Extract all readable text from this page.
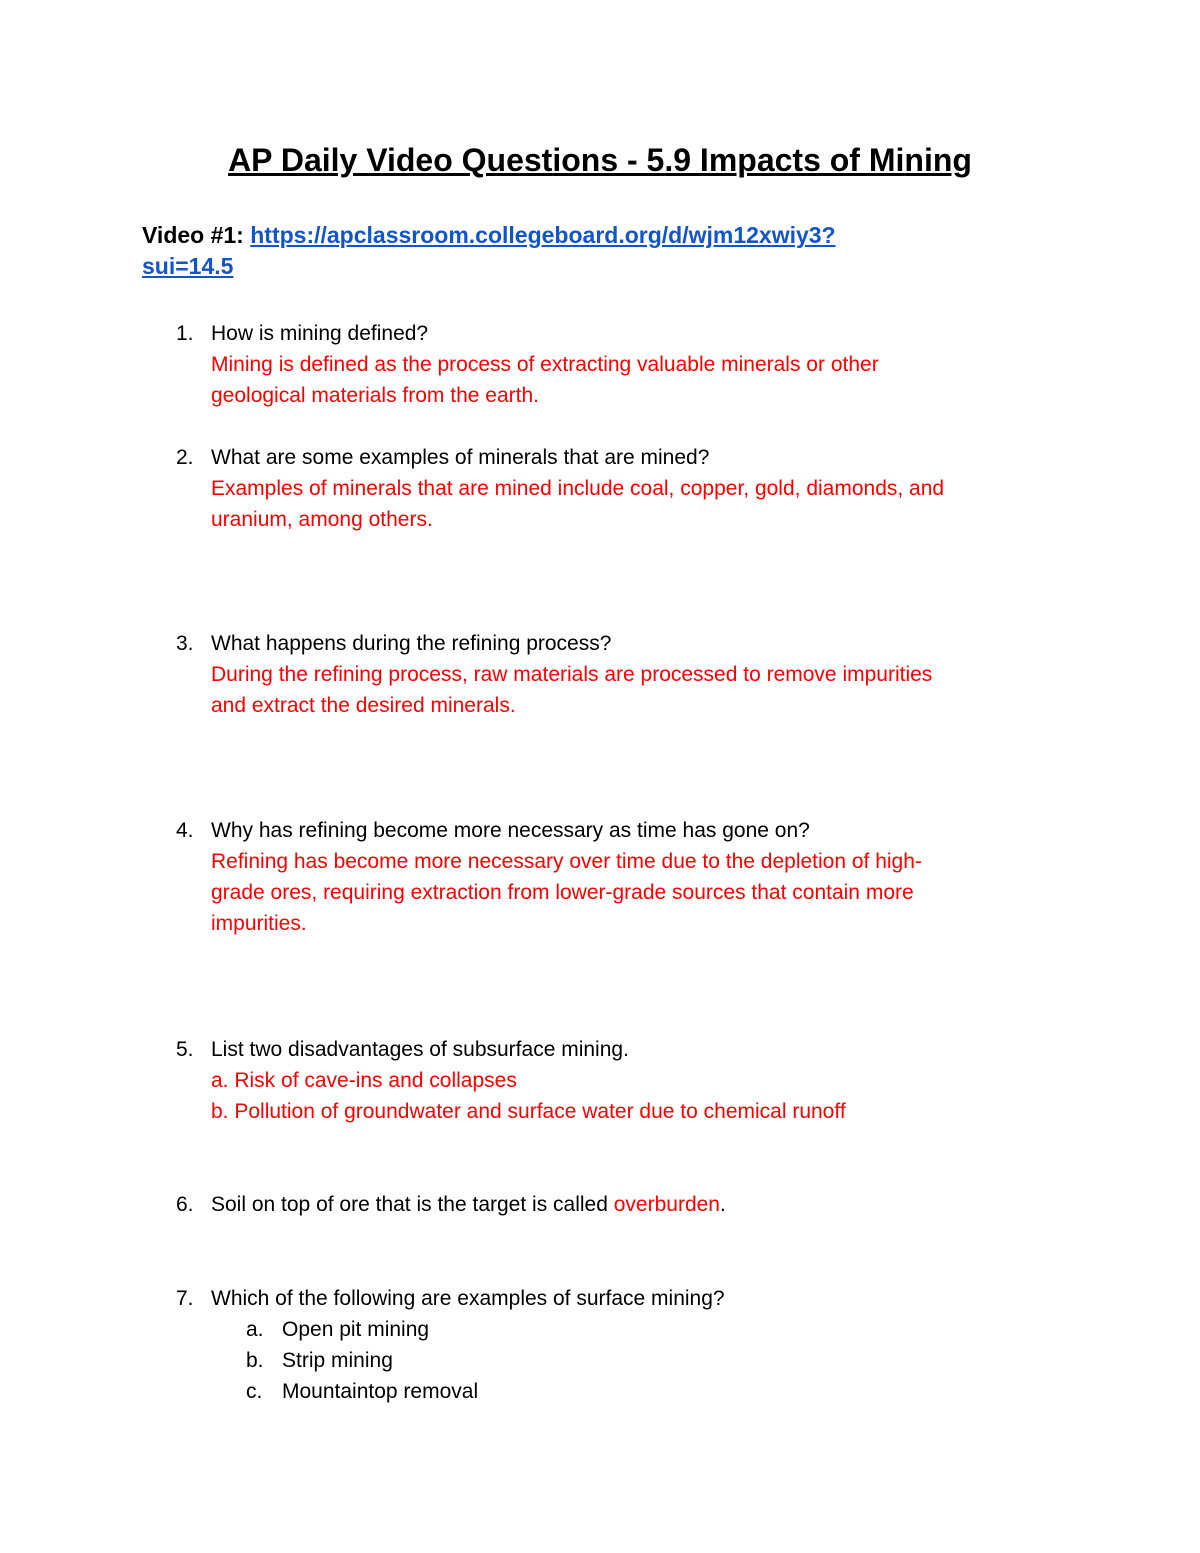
AP Daily Video Questions - 5.9 Impacts of Mining
Video #1: https://apclassroom.collegeboard.org/d/wjm12xwiy3?
sui=14.5
1. How is mining defined?
Mining is defined as the process of extracting valuable minerals or other
geological materials from the earth.
2. What are some examples of minerals that are mined?
Examples of minerals that are mined include coal, copper, gold, diamonds, and
uranium, among others.
3. What happens during the refining process?
During the refining process, raw materials are processed to remove impurities
and extract the desired minerals.
4. Why has refining become more necessary as time has gone on?
Refining has become more necessary over time due to the depletion of high-
grade ores, requiring extraction from lower-grade sources that contain more
impurities.
5. List two disadvantages of subsurface mining.
a. Risk of cave-ins and collapses
b. Pollution of groundwater and surface water due to chemical runoff
6. Soil on top of ore that is the target is called overburden.
7. Which of the following are examples of surface mining?
a. Open pit mining
b. Strip mining
c. Mountaintop removal
